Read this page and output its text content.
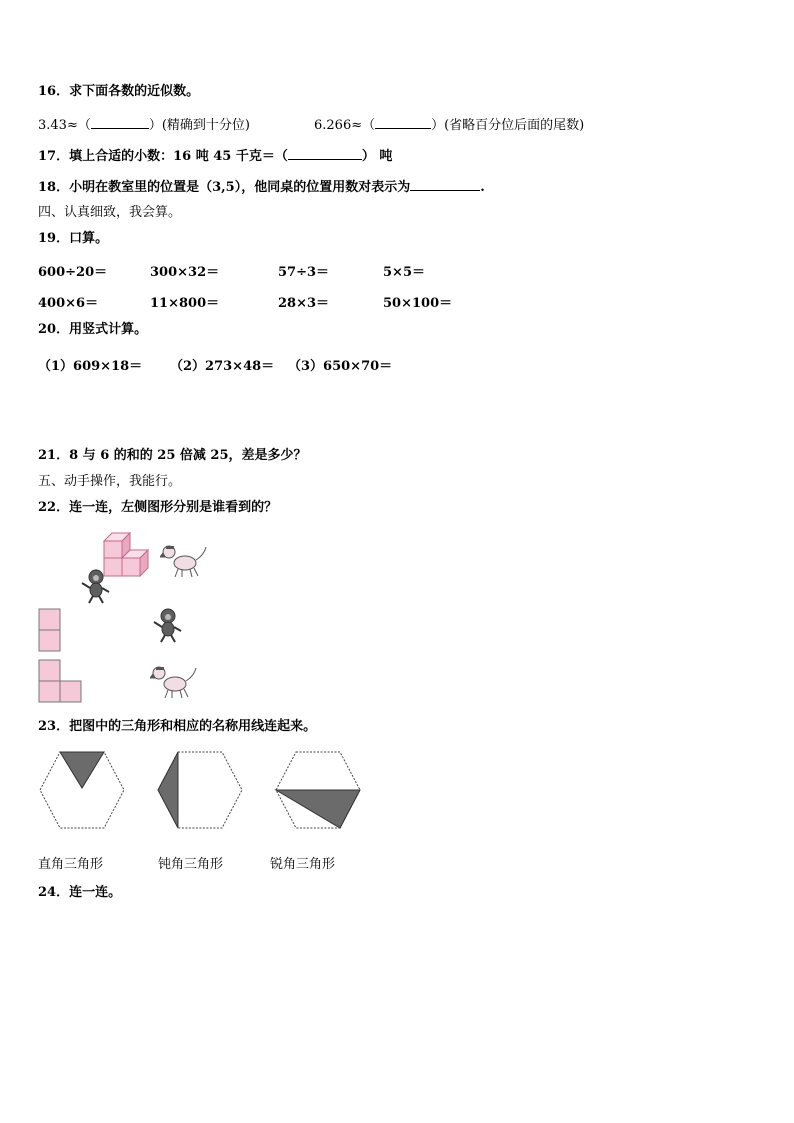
16．求下面各数的近似数。
3.43≈（	）(精确到十分位)	6.266≈（	）(省略百分位后面的尾数)
17．填上合适的小数：16 吨 45 千克＝（	） 吨
18．小明在教室里的位置是（3,5），他同桌的位置用数对表示为	.
四、认真细致，我会算。
19．口算。
600÷20＝	300×32＝	57÷3＝	5×5＝
400×6＝	11×800＝	28×3＝	50×100＝
20．用竖式计算。
（1）609×18＝ （2）273×48＝ （3）650×70＝
21．8 与 6 的和的 25 倍减 25，差是多少？
五、动手操作，我能行。
22．连一连，左侧图形分别是谁看到的？
23．把图中的三角形和相应的名称用线连起来。
直角三角形	钝角三角形	锐角三角形
24．连一连。
